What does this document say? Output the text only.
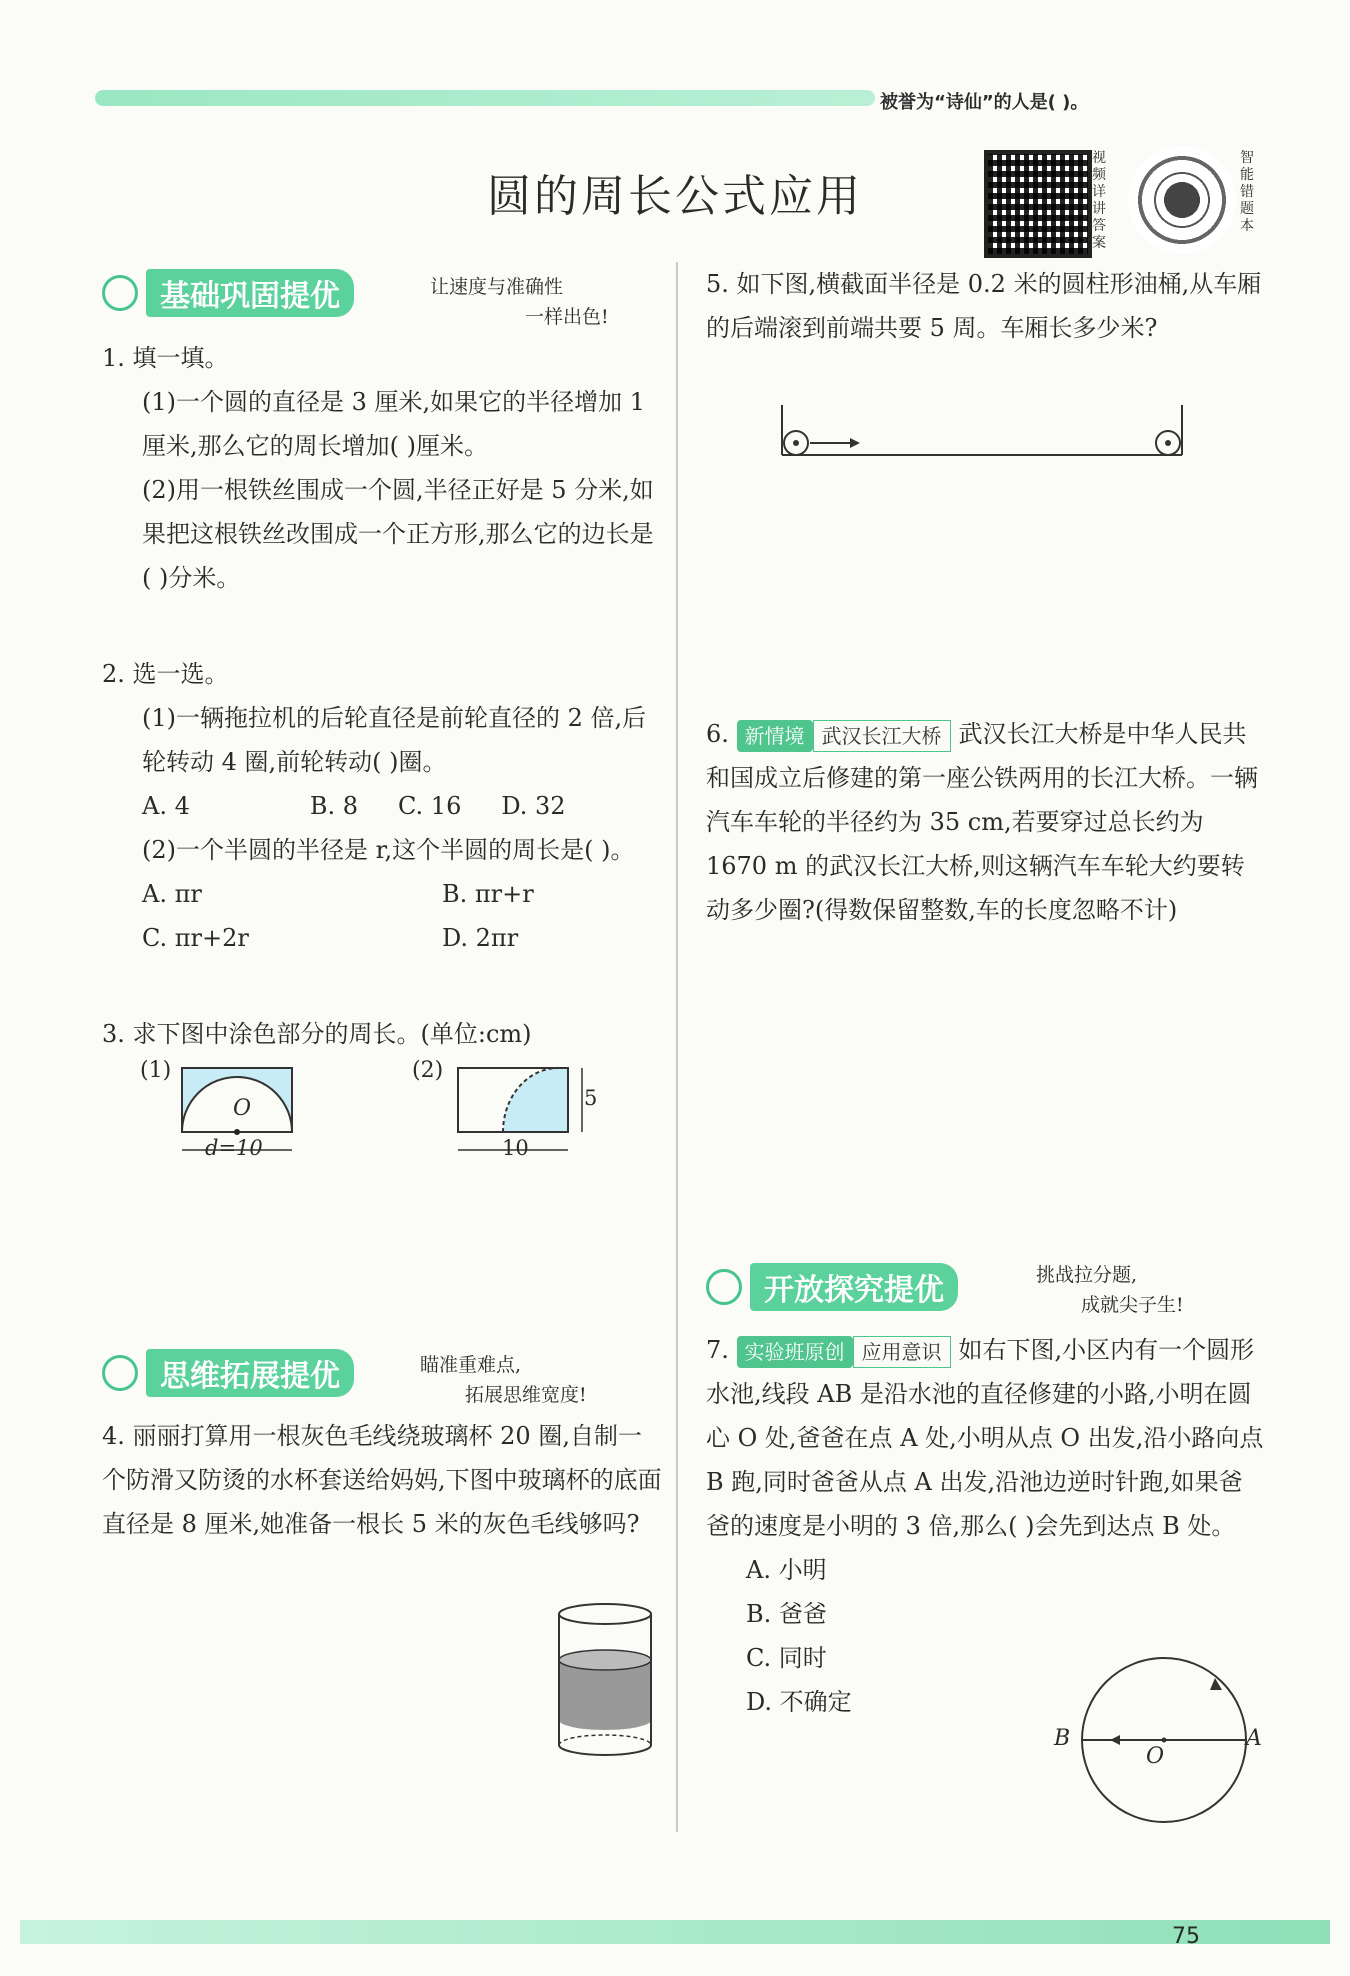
被誉为“诗仙”的人是( )。
圆的周长公式应用
视频详讲答案
智能错题本
基础巩固提优	让速度与准确性
一样出色!
1. 填一填。
(1)一个圆的直径是 3 厘米,如果它的半径增加 1 厘米,那么它的周长增加( )厘米。
(2)用一根铁丝围成一个圆,半径正好是 5 分米,如果把这根铁丝改围成一个正方形,那么它的边长是( )分米。
2. 选一选。
(1)一辆拖拉机的后轮直径是前轮直径的 2 倍,后轮转动 4 圈,前轮转动( )圈。
A. 4	B. 8 C. 16 D. 32
(2)一个半圆的半径是 r,这个半圆的周长是( )。
A. πr	B. πr+r
C. πr+2r	D. 2πr
3. 求下图中涂色部分的周长。(单位:cm)
(1)
O
d=10
(2)
10
5
思维拓展提优	瞄准重难点,
拓展思维宽度!
4. 丽丽打算用一根灰色毛线绕玻璃杯 20 圈,自制一个防滑又防烫的水杯套送给妈妈,下图中玻璃杯的底面直径是 8 厘米,她准备一根长 5 米的灰色毛线够吗?
5. 如下图,横截面半径是 0.2 米的圆柱形油桶,从车厢的后端滚到前端共要 5 周。车厢长多少米?
6. 新情境 武汉长江大桥 武汉长江大桥是中华人民共和国成立后修建的第一座公铁两用的长江大桥。一辆汽车车轮的半径约为 35 cm,若要穿过总长约为 1670 m 的武汉长江大桥,则这辆汽车车轮大约要转动多少圈?(得数保留整数,车的长度忽略不计)
开放探究提优	挑战拉分题,
成就尖子生!
7. 实验班原创 应用意识 如右下图,小区内有一个圆形水池,线段 AB 是沿水池的直径修建的小路,小明在圆心 O 处,爸爸在点 A 处,小明从点 O 出发,沿小路向点 B 跑,同时爸爸从点 A 出发,沿池边逆时针跑,如果爸爸的速度是小明的 3 倍,那么( )会先到达点 B 处。
A. 小明
B. 爸爸
C. 同时
D. 不确定
B	A
O
75
